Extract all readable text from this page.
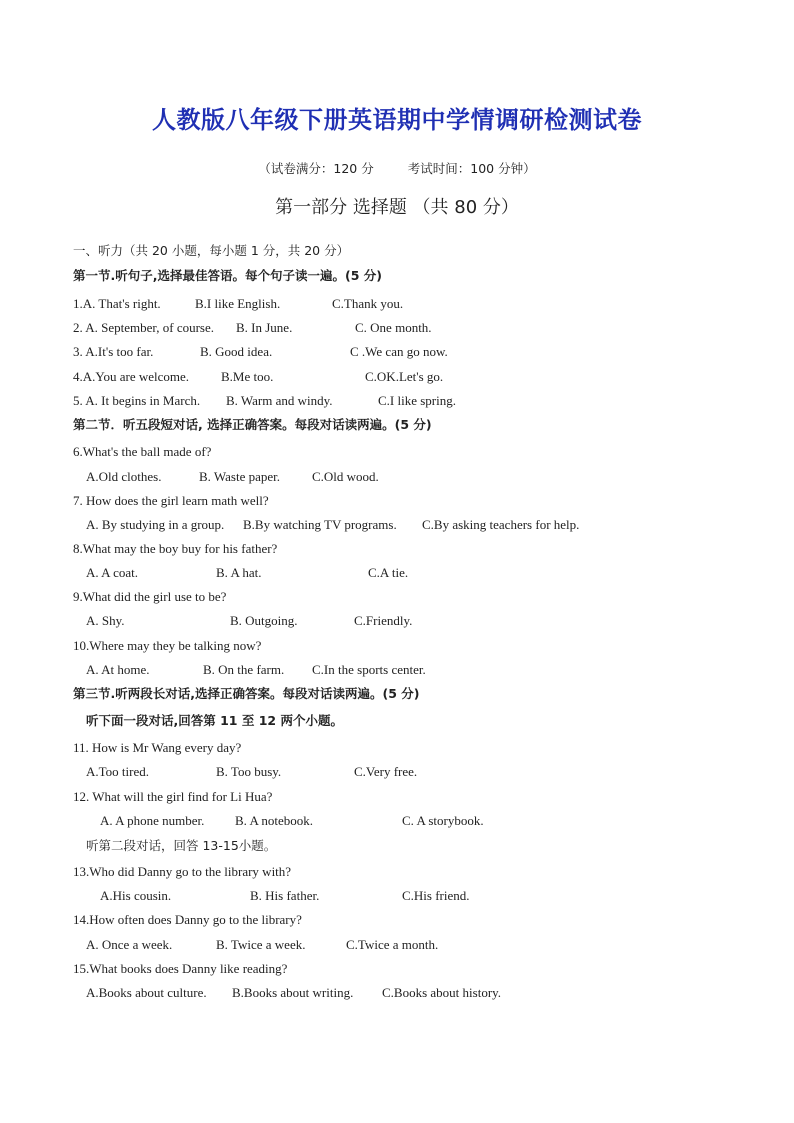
人教版八年级下册英语期中学情调研检测试卷
（试卷满分：120 分	考试时间：100 分钟）
第一部分 选择题 （共 80 分）
一、听力（共 20 小题，每小题 1 分，共 20 分）
第一节.听句子,选择最佳答语。每个句子读一遍。(5 分)
1.A. That's right.	B.I like English.	C.Thank you.
2. A. September, of course. B. In June.	C. One month.
3. A.It's too far.	B. Good idea.	C .We can go now.
4.A.You are welcome. B.Me too.	C.OK.Let's go.
5. A. It begins in March. B. Warm and windy.	C.I like spring.
第二节．听五段短对话, 选择正确答案。每段对话读两遍。(5 分)
6.What's the ball made of?
A.Old clothes.	B. Waste paper. C.Old wood.
7. How does the girl learn math well?
A. By studying in a group. B.By watching TV programs. C.By asking teachers for help.
8.What may the boy buy for his father?
A. A coat.	B. A hat.	C.A tie.
9.What did the girl use to be?
A. Shy.	B. Outgoing.	C.Friendly.
10.Where may they be talking now?
A. At home.	B. On the farm. C.In the sports center.
第三节.听两段长对话,选择正确答案。每段对话读两遍。(5 分)
听下面一段对话,回答第 11 至 12 两个小题。
11. How is Mr Wang every day?
A.Too tired.	B. Too busy.	C.Very free.
12. What will the girl find for Li Hua?
A. A phone number. B. A notebook.	C. A storybook.
听第二段对话，回答 13-15小题。
13.Who did Danny go to the library with?
A.His cousin.	B. His father.	C.His friend.
14.How often does Danny go to the library?
A. Once a week.	B. Twice a week.	C.Twice a month.
15.What books does Danny like reading?
A.Books about culture. B.Books about writing. C.Books about history.
